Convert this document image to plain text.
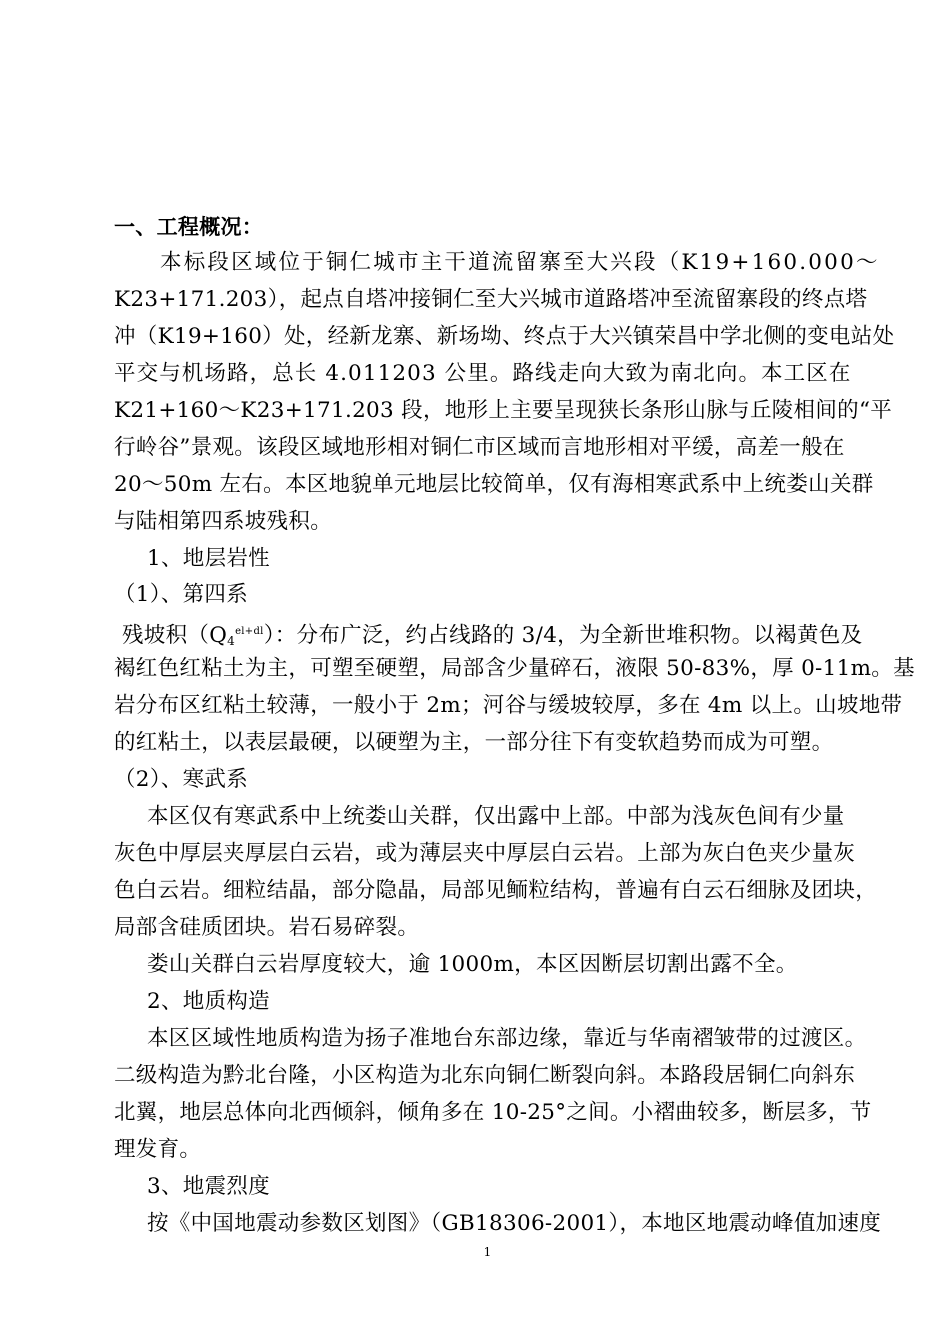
一、工程概况：
本标段区域位于铜仁城市主干道流留寨至大兴段（K19+160.000～
K23+171.203），起点自塔冲接铜仁至大兴城市道路塔冲至流留寨段的终点塔
冲（K19+160）处，经新龙寨、新场坳、终点于大兴镇荣昌中学北侧的变电站处
平交与机场路，总长 4.011203 公里。路线走向大致为南北向。本工区在
K21+160～K23+171.203 段，地形上主要呈现狭长条形山脉与丘陵相间的“平
行岭谷”景观。该段区域地形相对铜仁市区域而言地形相对平缓，高差一般在
20～50m 左右。本区地貌单元地层比较简单，仅有海相寒武系中上统娄山关群
与陆相第四系坡残积。
1、地层岩性
（1）、第四系
残坡积$(Q_4^{el+dl})$：分布广泛，约占线路的 3/4，为全新世堆积物。以褐黄色及
褐红色红粘土为主，可塑至硬塑，局部含少量碎石，液限 50-83%，厚 0-11m。基
岩分布区红粘土较薄，一般小于 2m；河谷与缓坡较厚，多在 4m 以上。山坡地带
的红粘土，以表层最硬，以硬塑为主，一部分往下有变软趋势而成为可塑。
（2）、寒武系
本区仅有寒武系中上统娄山关群，仅出露中上部。中部为浅灰色间有少量
灰色中厚层夹厚层白云岩，或为薄层夹中厚层白云岩。上部为灰白色夹少量灰
色白云岩。细粒结晶，部分隐晶，局部见鲕粒结构，普遍有白云石细脉及团块，
局部含硅质团块。岩石易碎裂。
娄山关群白云岩厚度较大，逾 1000m，本区因断层切割出露不全。
2、地质构造
本区区域性地质构造为扬子准地台东部边缘，靠近与华南褶皱带的过渡区。
二级构造为黔北台隆，小区构造为北东向铜仁断裂向斜。本路段居铜仁向斜东
北翼，地层总体向北西倾斜，倾角多在 10-25°之间。小褶曲较多，断层多，节
理发育。
3、地震烈度
按《中国地震动参数区划图》（GB18306-2001），本地区地震动峰值加速度
1
